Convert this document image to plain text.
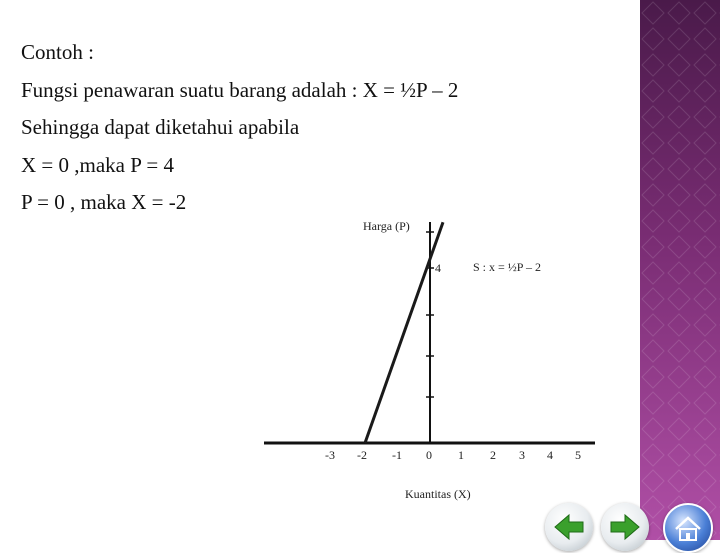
Contoh :

Fungsi penawaran suatu barang adalah : X = ½P – 2

Sehingga dapat diketahui apabila

X = 0 ,maka P = 4

P = 0 , maka X = -2

Harga (P)
4	S : x = ½P – 2
Kuantitas (X)
-3 -2 -1 0 1 2 3 4 5
